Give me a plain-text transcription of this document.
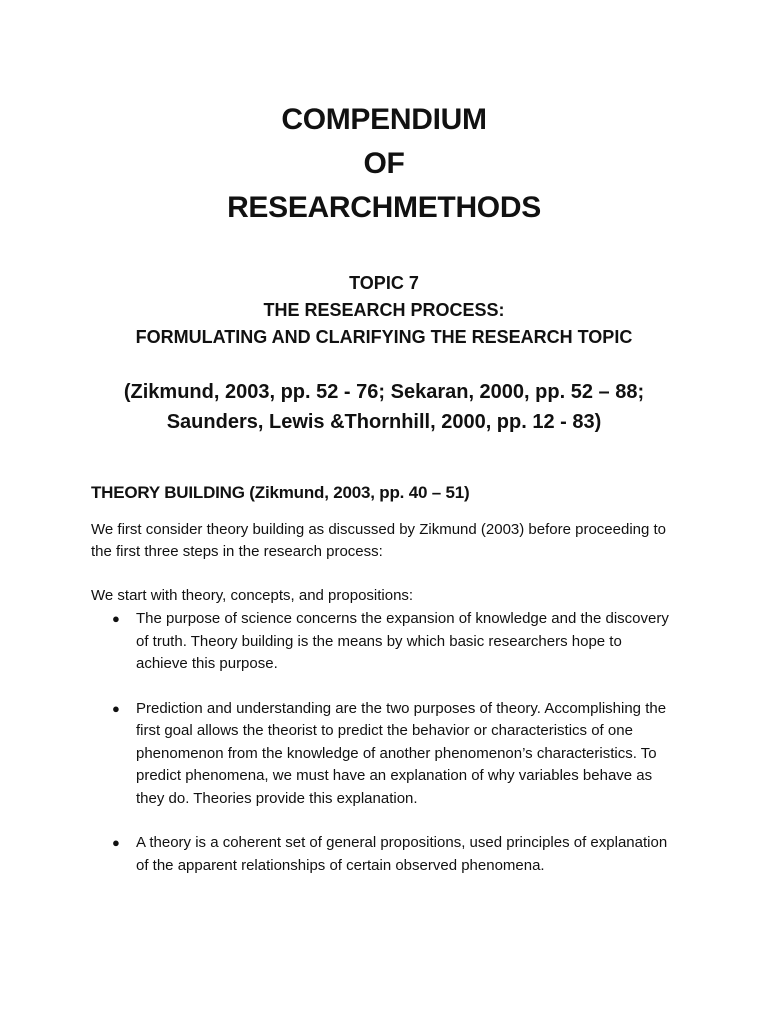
COMPENDIUM
OF
RESEARCHMETHODS
TOPIC 7
THE RESEARCH PROCESS:
FORMULATING AND CLARIFYING THE RESEARCH TOPIC
(Zikmund, 2003, pp. 52 - 76; Sekaran, 2000, pp. 52 – 88;
Saunders, Lewis &Thornhill, 2000, pp. 12 - 83)
THEORY BUILDING (Zikmund, 2003, pp. 40 – 51)
We first consider theory building as discussed by Zikmund (2003) before proceeding to the first three steps in the research process:
We start with theory, concepts, and propositions:
●	The purpose of science concerns the expansion of knowledge and the discovery of truth. Theory building is the means by which basic researchers hope to achieve this purpose.
●	Prediction and understanding are the two purposes of theory. Accomplishing the first goal allows the theorist to predict the behavior or characteristics of one phenomenon from the knowledge of another phenomenon’s characteristics. To predict phenomena, we must have an explanation of why variables behave as they do. Theories provide this explanation.
●	A theory is a coherent set of general propositions, used principles of explanation of the apparent relationships of certain observed phenomena.
